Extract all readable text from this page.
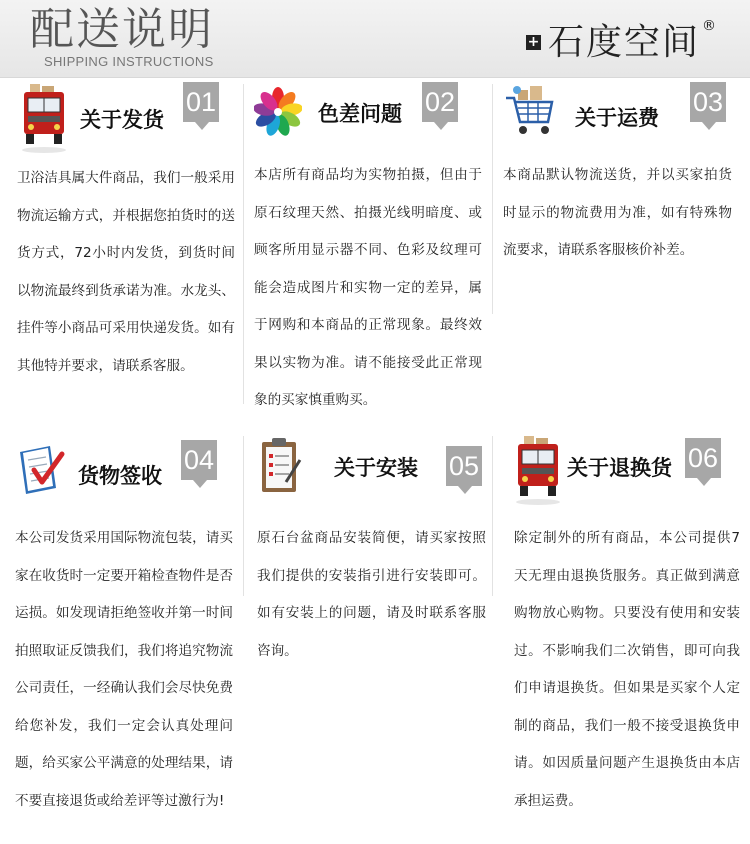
配送说明
SHIPPING INSTRUCTIONS
+ 石度空间 ®
关于发货
01
卫浴洁具属大件商品，我们一般采用物流运输方式，并根据您拍货时的送货方式，72小时内发货，到货时间以物流最终到货承诺为准。水龙头、挂件等小商品可采用快递发货。如有其他特并要求，请联系客服。
色差问题 02
本店所有商品均为实物拍摄，但由于原石纹理天然、拍摄光线明暗度、或顾客所用显示器不同、色彩及纹理可能会造成图片和实物一定的差异，属于网购和本商品的正常现象。最终效果以实物为准。请不能接受此正常现象的买家慎重购买。
关于运费
03
本商品默认物流送货，并以买家拍货时显示的物流费用为准，如有特殊物流要求，请联系客服核价补差。
货物签收
04
本公司发货采用国际物流包装，请买家在收货时一定要开箱检查物件是否运损。如发现请拒绝签收并第一时间拍照取证反馈我们，我们将追究物流公司责任，一经确认我们会尽快免费给您补发，我们一定会认真处理问题，给买家公平满意的处理结果，请不要直接退货或给差评等过激行为!
关于安装 05
原石台盆商品安装简便，请买家按照我们提供的安装指引进行安装即可。如有安装上的问题，请及时联系客服咨询。
关于退换货 06
除定制外的所有商品，本公司提供7天无理由退换货服务。真正做到满意购物放心购物。只要没有使用和安装过。不影响我们二次销售，即可向我们申请退换货。但如果是买家个人定制的商品，我们一般不接受退换货申请。如因质量问题产生退换货由本店承担运费。
